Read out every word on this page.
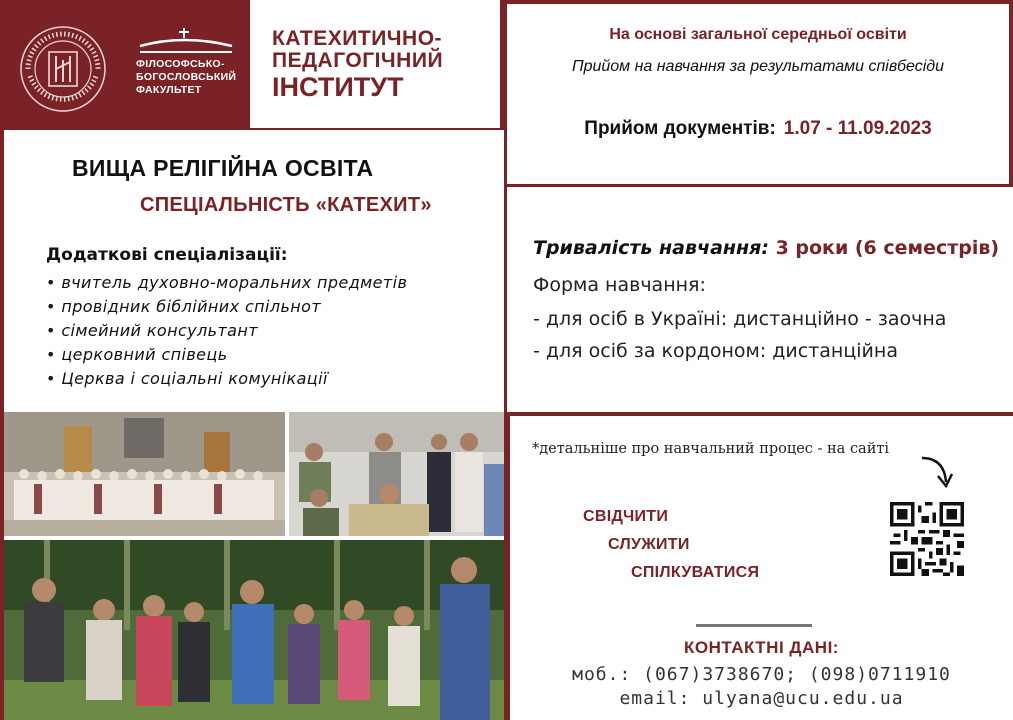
ФІЛОСОФСЬКО-
БОГОСЛОВСЬКИЙ
ФАКУЛЬТЕТ
КАТЕХИТИЧНО-
ПЕДАГОГІЧНИЙ
ІНСТИТУТ
На основі загальної середньої освіти
Прийом на навчання за результатами співбесіди
Прийом документів: 1.07 - 11.09.2023
ВИЩА РЕЛІГІЙНА ОСВІТА
СПЕЦІАЛЬНІСТЬ «КАТЕХИТ»
Додаткові спеціалізації:
• вчитель духовно-моральних предметів
• провідник біблійних спільнот
• сімейний консультант
• церковний співець
• Церква і соціальні комунікації
Тривалість навчання: 3 роки (6 семестрів)
Форма навчання:
- для осіб в Україні: дистанційно - заочна
- для осіб за кордоном: дистанційна
*детальніше про навчальний процес - на сайті
СВІДЧИТИ
СЛУЖИТИ
СПІЛКУВАТИСЯ
КОНТАКТНІ ДАНІ:
моб.: (067)3738670; (098)0711910
email: ulyana@ucu.edu.ua
